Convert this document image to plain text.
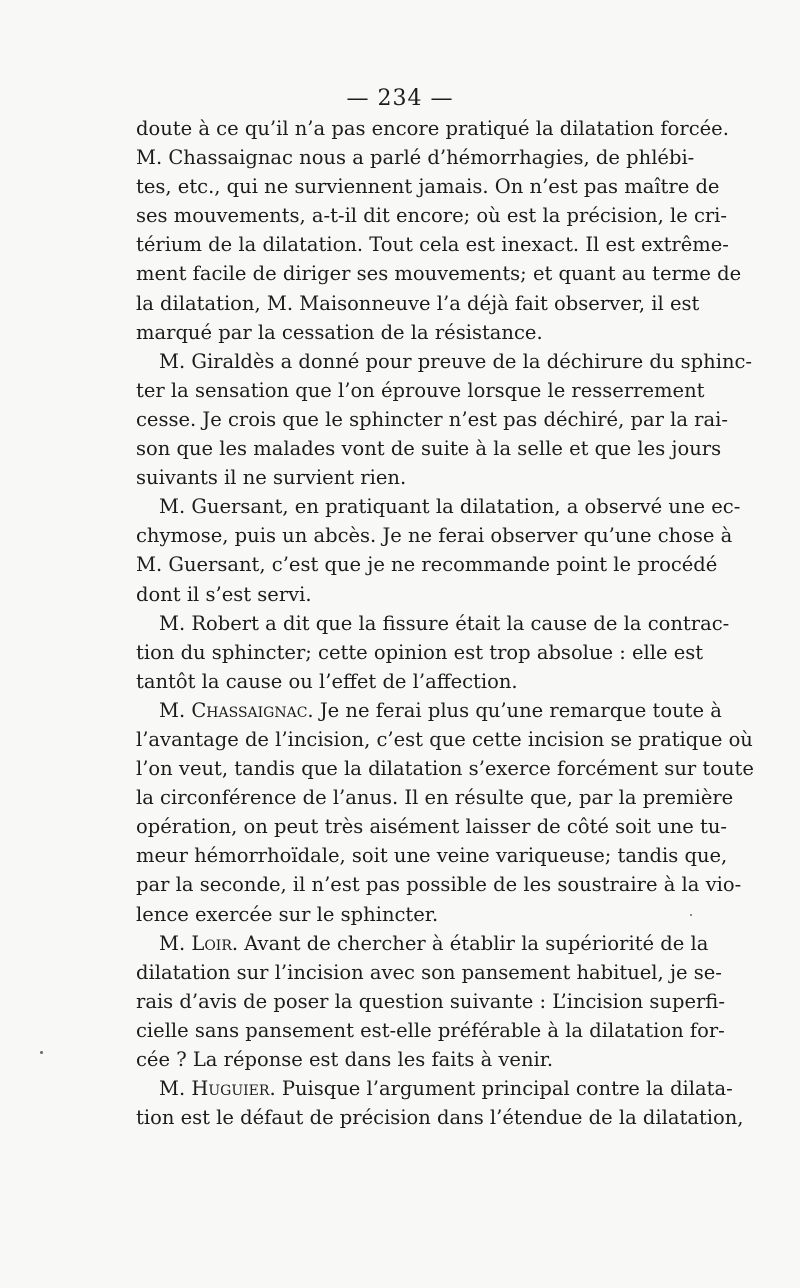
— 234 —

doute à ce qu’il n’a pas encore pratiqué la dilatation forcée.
M. Chassaignac nous a parlé d’hémorrhagies, de phlébi-
tes, etc., qui ne surviennent jamais. On n’est pas maître de
ses mouvements, a-t-il dit encore; où est la précision, le cri-
térium de la dilatation. Tout cela est inexact. Il est extrême-
ment facile de diriger ses mouvements; et quant au terme de
la dilatation, M. Maisonneuve l’a déjà fait observer, il est
marqué par la cessation de la résistance.
M. Giraldès a donné pour preuve de la déchirure du sphinc-
ter la sensation que l’on éprouve lorsque le resserrement
cesse. Je crois que le sphincter n’est pas déchiré, par la rai-
son que les malades vont de suite à la selle et que les jours
suivants il ne survient rien.
M. Guersant, en pratiquant la dilatation, a observé une ec-
chymose, puis un abcès. Je ne ferai observer qu’une chose à
M. Guersant, c’est que je ne recommande point le procédé
dont il s’est servi.
M. Robert a dit que la fissure était la cause de la contrac-
tion du sphincter; cette opinion est trop absolue : elle est
tantôt la cause ou l’effet de l’affection.
M. Chassaignac. Je ne ferai plus qu’une remarque toute à
l’avantage de l’incision, c’est que cette incision se pratique où
l’on veut, tandis que la dilatation s’exerce forcément sur toute
la circonférence de l’anus. Il en résulte que, par la première
opération, on peut très aisément laisser de côté soit une tu-
meur hémorrhoïdale, soit une veine variqueuse; tandis que,
par la seconde, il n’est pas possible de les soustraire à la vio-
lence exercée sur le sphincter.
M. Loir. Avant de chercher à établir la supériorité de la
dilatation sur l’incision avec son pansement habituel, je se-
rais d’avis de poser la question suivante : L’incision superfi-
cielle sans pansement est-elle préférable à la dilatation for-
cée ? La réponse est dans les faits à venir.
M. Huguier. Puisque l’argument principal contre la dilata-
tion est le défaut de précision dans l’étendue de la dilatation,
